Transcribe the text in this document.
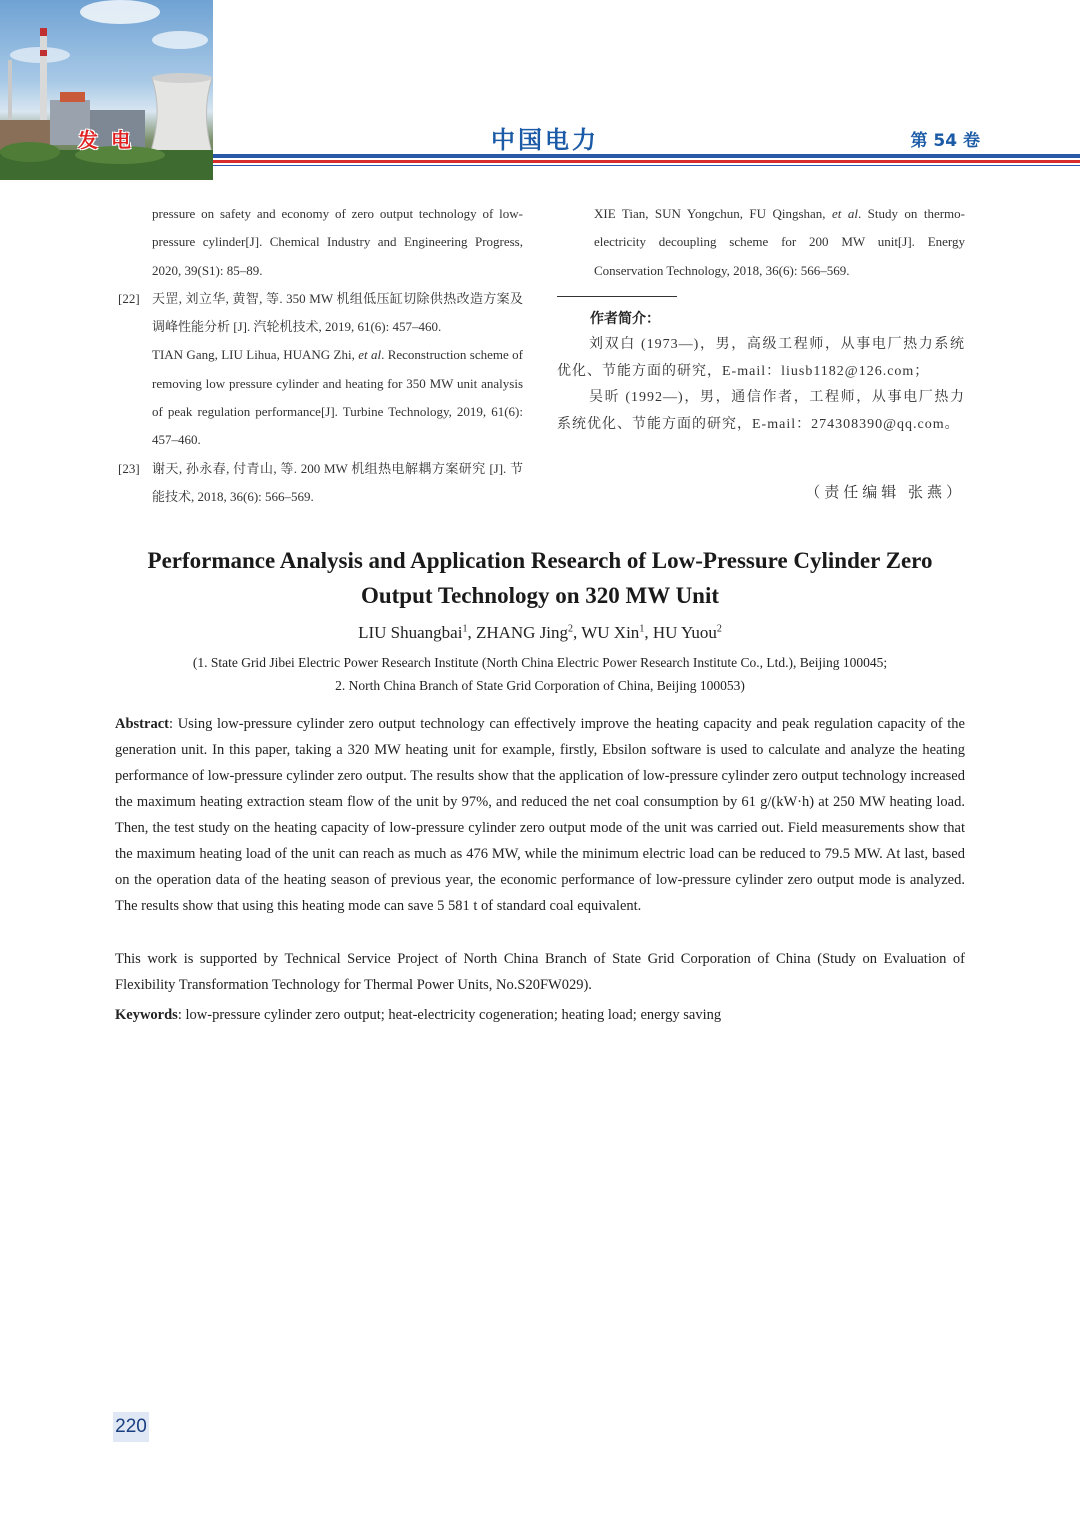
发 电	中国电力	第 54 卷
pressure on safety and economy of zero output technology of low-pressure cylinder[J]. Chemical Industry and Engineering Progress, 2020, 39(S1): 85–89.
[22] 天罡, 刘立华, 黄智, 等. 350 MW 机组低压缸切除供热改造方案及调峰性能分析 [J]. 汽轮机技术, 2019, 61(6): 457–460.
TIAN Gang, LIU Lihua, HUANG Zhi, et al. Reconstruction scheme of removing low pressure cylinder and heating for 350 MW unit analysis of peak regulation performance[J]. Turbine Technology, 2019, 61(6): 457–460.
[23] 谢天, 孙永春, 付青山, 等. 200 MW 机组热电解耦方案研究 [J]. 节能技术, 2018, 36(6): 566–569.
XIE Tian, SUN Yongchun, FU Qingshan, et al. Study on thermo-electricity decoupling scheme for 200 MW unit[J]. Energy Conservation Technology, 2018, 36(6): 566–569.
作者简介：
刘双白 (1973—)，男，高级工程师，从事电厂热力系统优化、节能方面的研究，E-mail：liusb1182@126.com；
吴昕 (1992—)，男，通信作者，工程师，从事电厂热力系统优化、节能方面的研究，E-mail：274308390@qq.com。
（责任编辑 张燕）
Performance Analysis and Application Research of Low-Pressure Cylinder Zero Output Technology on 320 MW Unit
LIU Shuangbai$^1$, ZHANG Jing$^2$, WU Xin$^1$, HU Yuou$^2$
(1. State Grid Jibei Electric Power Research Institute (North China Electric Power Research Institute Co., Ltd.), Beijing 100045;
2. North China Branch of State Grid Corporation of China, Beijing 100053)
Abstract: Using low-pressure cylinder zero output technology can effectively improve the heating capacity and peak regulation capacity of the generation unit. In this paper, taking a 320 MW heating unit for example, firstly, Ebsilon software is used to calculate and analyze the heating performance of low-pressure cylinder zero output. The results show that the application of low-pressure cylinder zero output technology increased the maximum heating extraction steam flow of the unit by 97%, and reduced the net coal consumption by 61 g/(kW·h) at 250 MW heating load. Then, the test study on the heating capacity of low-pressure cylinder zero output mode of the unit was carried out. Field measurements show that the maximum heating load of the unit can reach as much as 476 MW, while the minimum electric load can be reduced to 79.5 MW. At last, based on the operation data of the heating season of previous year, the economic performance of low-pressure cylinder zero output mode is analyzed. The results show that using this heating mode can save 5 581 t of standard coal equivalent.
This work is supported by Technical Service Project of North China Branch of State Grid Corporation of China (Study on Evaluation of Flexibility Transformation Technology for Thermal Power Units, No.S20FW029).
Keywords: low-pressure cylinder zero output; heat-electricity cogeneration; heating load; energy saving
220
